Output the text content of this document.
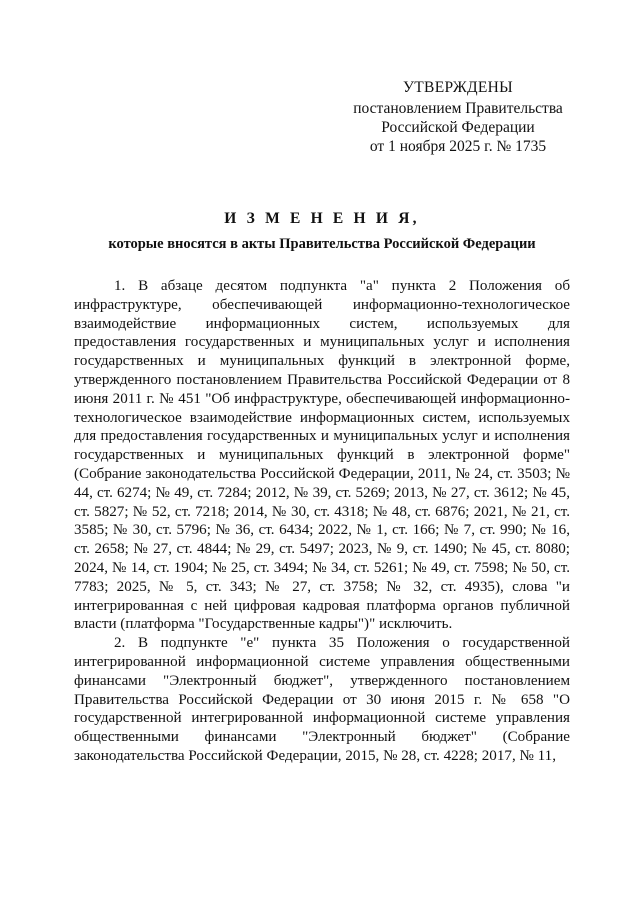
УТВЕРЖДЕНЫ
постановлением Правительства
Российской Федерации
от 1 ноября 2025 г. № 1735
И З М Е Н Е Н И Я,
которые вносятся в акты Правительства Российской Федерации

1. В абзаце десятом подпункта "а" пункта 2 Положения об инфраструктуре, обеспечивающей информационно-технологическое взаимодействие информационных систем, используемых для предоставления государственных и муниципальных услуг и исполнения государственных и муниципальных функций в электронной форме, утвержденного постановлением Правительства Российской Федерации от 8 июня 2011 г. № 451 "Об инфраструктуре, обеспечивающей информационно-технологическое взаимодействие информационных систем, используемых для предоставления государственных и муниципальных услуг и исполнения государственных и муниципальных функций в электронной форме" (Собрание законодательства Российской Федерации, 2011, № 24, ст. 3503; № 44, ст. 6274; № 49, ст. 7284; 2012, № 39, ст. 5269; 2013, № 27, ст. 3612; № 45, ст. 5827; № 52, ст. 7218; 2014, № 30, ст. 4318; № 48, ст. 6876; 2021, № 21, ст. 3585; № 30, ст. 5796; № 36, ст. 6434; 2022, № 1, ст. 166; № 7, ст. 990; № 16, ст. 2658; № 27, ст. 4844; № 29, ст. 5497; 2023, № 9, ст. 1490; № 45, ст. 8080; 2024, № 14, ст. 1904; № 25, ст. 3494; № 34, ст. 5261; № 49, ст. 7598; № 50, ст. 7783; 2025, № 5, ст. 343; № 27, ст. 3758; № 32, ст. 4935), слова "и интегрированная с ней цифровая кадровая платформа органов публичной власти (платформа "Государственные кадры")" исключить.

2. В подпункте "е" пункта 35 Положения о государственной интегрированной информационной системе управления общественными финансами "Электронный бюджет", утвержденного постановлением Правительства Российской Федерации от 30 июня 2015 г. № 658 "О государственной интегрированной информационной системе управления общественными финансами "Электронный бюджет" (Собрание законодательства Российской Федерации, 2015, № 28, ст. 4228; 2017, № 11,
